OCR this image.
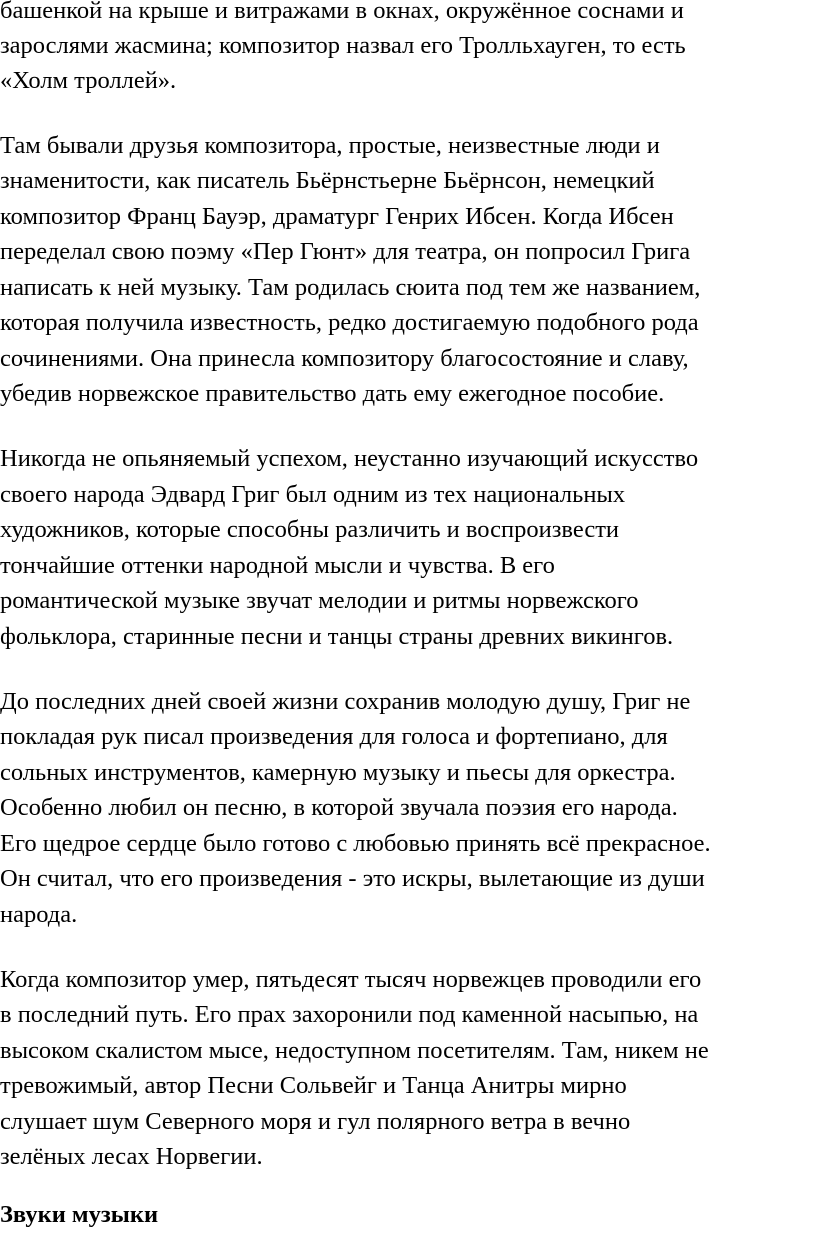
башенкой на крыше и витражами в окнах, окружённое соснами и
зарослями жасмина; композитор назвал его Тролльхауген, то есть
«Холм троллей».
Там бывали друзья композитора, простые, неизвестные люди и
знаменитости, как писатель Бьёрнстьерне Бьёрнсон, немецкий
композитор Франц Бауэр, драматург Генрих Ибсен. Когда Ибсен
переделал свою поэму «Пер Гюнт» для театра, он попросил Грига
написать к ней музыку. Там родилась сюита под тем же названием,
которая получила известность, редко достигаемую подобного рода
сочинениями. Она принесла композитору благосостояние и славу,
убедив норвежское правительство дать ему ежегодное пособие.
Никогда не опьяняемый успехом, неустанно изучающий искусство
своего народа Эдвард Григ был одним из тех национальных
художников, которые способны различить и воспроизвести
тончайшие оттенки народной мысли и чувства. В его
романтической музыке звучат мелодии и ритмы норвежского
фольклора, старинные песни и танцы страны древних викингов.
До последних дней своей жизни сохранив молодую душу, Григ не
покладая рук писал произведения для голоса и фортепиано, для
сольных инструментов, камерную музыку и пьесы для оркестра.
Особенно любил он песню, в которой звучала поэзия его народа.
Его щедрое сердце было готово с любовью принять всё прекрасное.
Он считал, что его произведения - это искры, вылетающие из души
народа.
Когда композитор умер, пятьдесят тысяч норвежцев проводили его
в последний путь. Его прах захоронили под каменной насыпью, на
высоком скалистом мысе, недоступном посетителям. Там, никем не
тревожимый, автор Песни Сольвейг и Танца Анитры мирно
слушает шум Северного моря и гул полярного ветра в вечно
зелёных лесах Норвегии.
Звуки музыки
